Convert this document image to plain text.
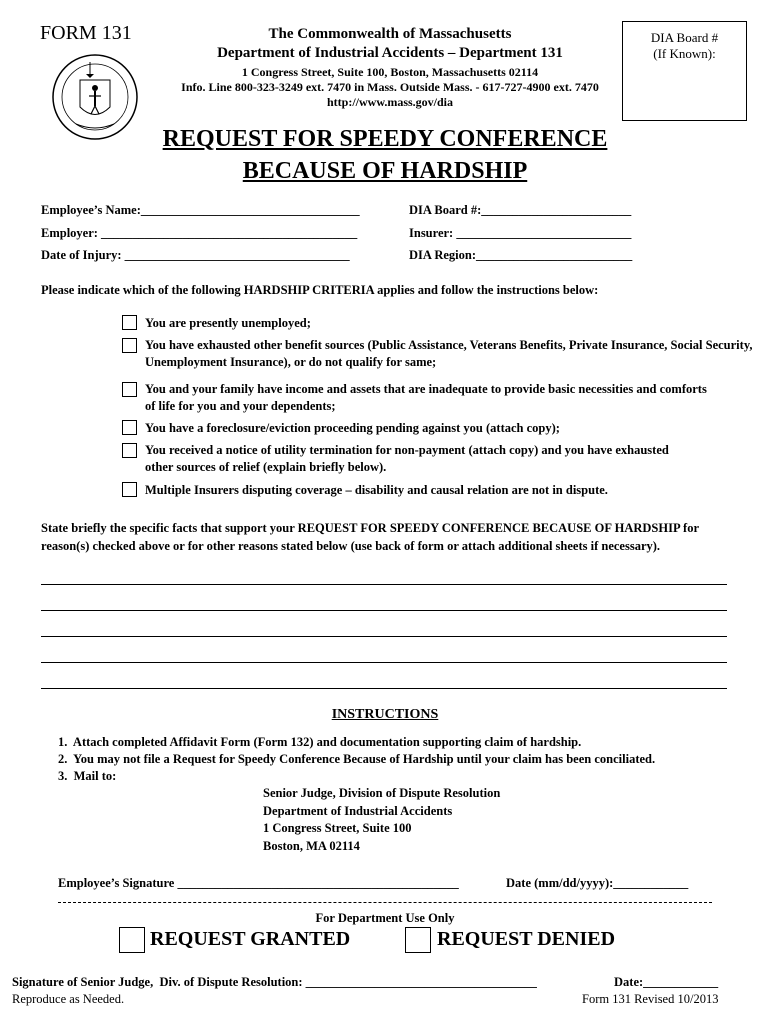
FORM 131	The Commonwealth of Massachusetts
Department of Industrial Accidents – Department 131
1 Congress Street, Suite 100, Boston, Massachusetts 02114
Info. Line 800-323-3249 ext. 7470 in Mass. Outside Mass. - 617-727-4900 ext. 7470
http://www.mass.gov/dia
DIA Board #
(If Known):
REQUEST FOR SPEEDY CONFERENCE
BECAUSE OF HARDSHIP
Employee’s Name:___________________________________	DIA Board #:________________________
Employer: _________________________________________	Insurer: ____________________________
Date of Injury: ____________________________________	DIA Region:_________________________
Please indicate which of the following HARDSHIP CRITERIA applies and follow the instructions below:
You are presently unemployed;
You have exhausted other benefit sources (Public Assistance, Veterans Benefits, Private Insurance, Social Security, Unemployment Insurance), or do not qualify for same;
You and your family have income and assets that are inadequate to provide basic necessities and comforts of life for you and your dependents;
You have a foreclosure/eviction proceeding pending against you (attach copy);
You received a notice of utility termination for non-payment (attach copy) and you have exhausted other sources of relief (explain briefly below).
Multiple Insurers disputing coverage – disability and causal relation are not in dispute.
State briefly the specific facts that support your REQUEST FOR SPEEDY CONFERENCE BECAUSE OF HARDSHIP for reason(s) checked above or for other reasons stated below (use back of form or attach additional sheets if necessary).
INSTRUCTIONS
1.  Attach completed Affidavit Form (Form 132) and documentation supporting claim of hardship.
2.  You may not file a Request for Speedy Conference Because of Hardship until your claim has been conciliated.
3.  Mail to:
Senior Judge, Division of Dispute Resolution
Department of Industrial Accidents
1 Congress Street, Suite 100
Boston, MA 02114
Employee’s Signature _____________________________________________	Date (mm/dd/yyyy):____________
For Department Use Only
REQUEST GRANTED	REQUEST DENIED
Signature of Senior Judge,  Div. of Dispute Resolution: _____________________________________	Date:____________
Reproduce as Needed.	Form 131 Revised 10/2013
